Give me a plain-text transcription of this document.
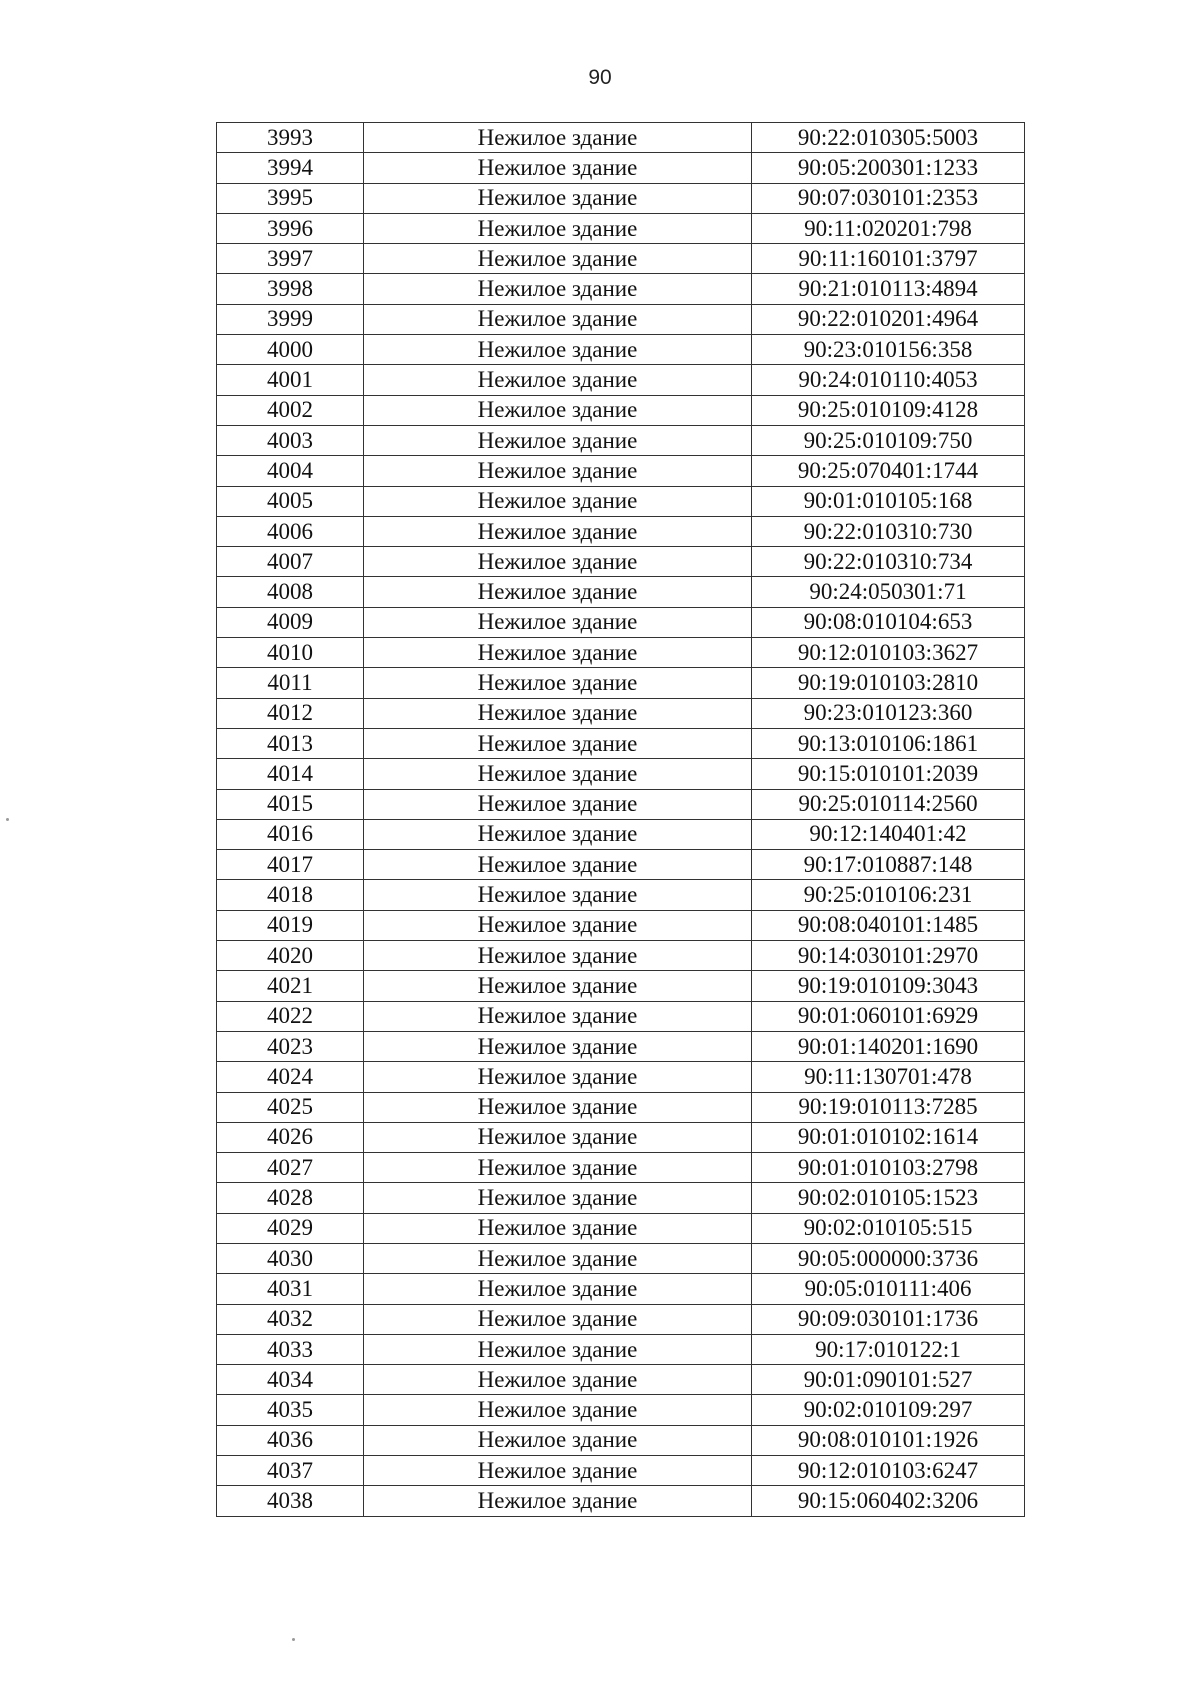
90
3993	Нежилое здание	90:22:010305:5003
3994	Нежилое здание	90:05:200301:1233
3995	Нежилое здание	90:07:030101:2353
3996	Нежилое здание	90:11:020201:798
3997	Нежилое здание	90:11:160101:3797
3998	Нежилое здание	90:21:010113:4894
3999	Нежилое здание	90:22:010201:4964
4000	Нежилое здание	90:23:010156:358
4001	Нежилое здание	90:24:010110:4053
4002	Нежилое здание	90:25:010109:4128
4003	Нежилое здание	90:25:010109:750
4004	Нежилое здание	90:25:070401:1744
4005	Нежилое здание	90:01:010105:168
4006	Нежилое здание	90:22:010310:730
4007	Нежилое здание	90:22:010310:734
4008	Нежилое здание	90:24:050301:71
4009	Нежилое здание	90:08:010104:653
4010	Нежилое здание	90:12:010103:3627
4011	Нежилое здание	90:19:010103:2810
4012	Нежилое здание	90:23:010123:360
4013	Нежилое здание	90:13:010106:1861
4014	Нежилое здание	90:15:010101:2039
4015	Нежилое здание	90:25:010114:2560
4016	Нежилое здание	90:12:140401:42
4017	Нежилое здание	90:17:010887:148
4018	Нежилое здание	90:25:010106:231
4019	Нежилое здание	90:08:040101:1485
4020	Нежилое здание	90:14:030101:2970
4021	Нежилое здание	90:19:010109:3043
4022	Нежилое здание	90:01:060101:6929
4023	Нежилое здание	90:01:140201:1690
4024	Нежилое здание	90:11:130701:478
4025	Нежилое здание	90:19:010113:7285
4026	Нежилое здание	90:01:010102:1614
4027	Нежилое здание	90:01:010103:2798
4028	Нежилое здание	90:02:010105:1523
4029	Нежилое здание	90:02:010105:515
4030	Нежилое здание	90:05:000000:3736
4031	Нежилое здание	90:05:010111:406
4032	Нежилое здание	90:09:030101:1736
4033	Нежилое здание	90:17:010122:1
4034	Нежилое здание	90:01:090101:527
4035	Нежилое здание	90:02:010109:297
4036	Нежилое здание	90:08:010101:1926
4037	Нежилое здание	90:12:010103:6247
4038	Нежилое здание	90:15:060402:3206
